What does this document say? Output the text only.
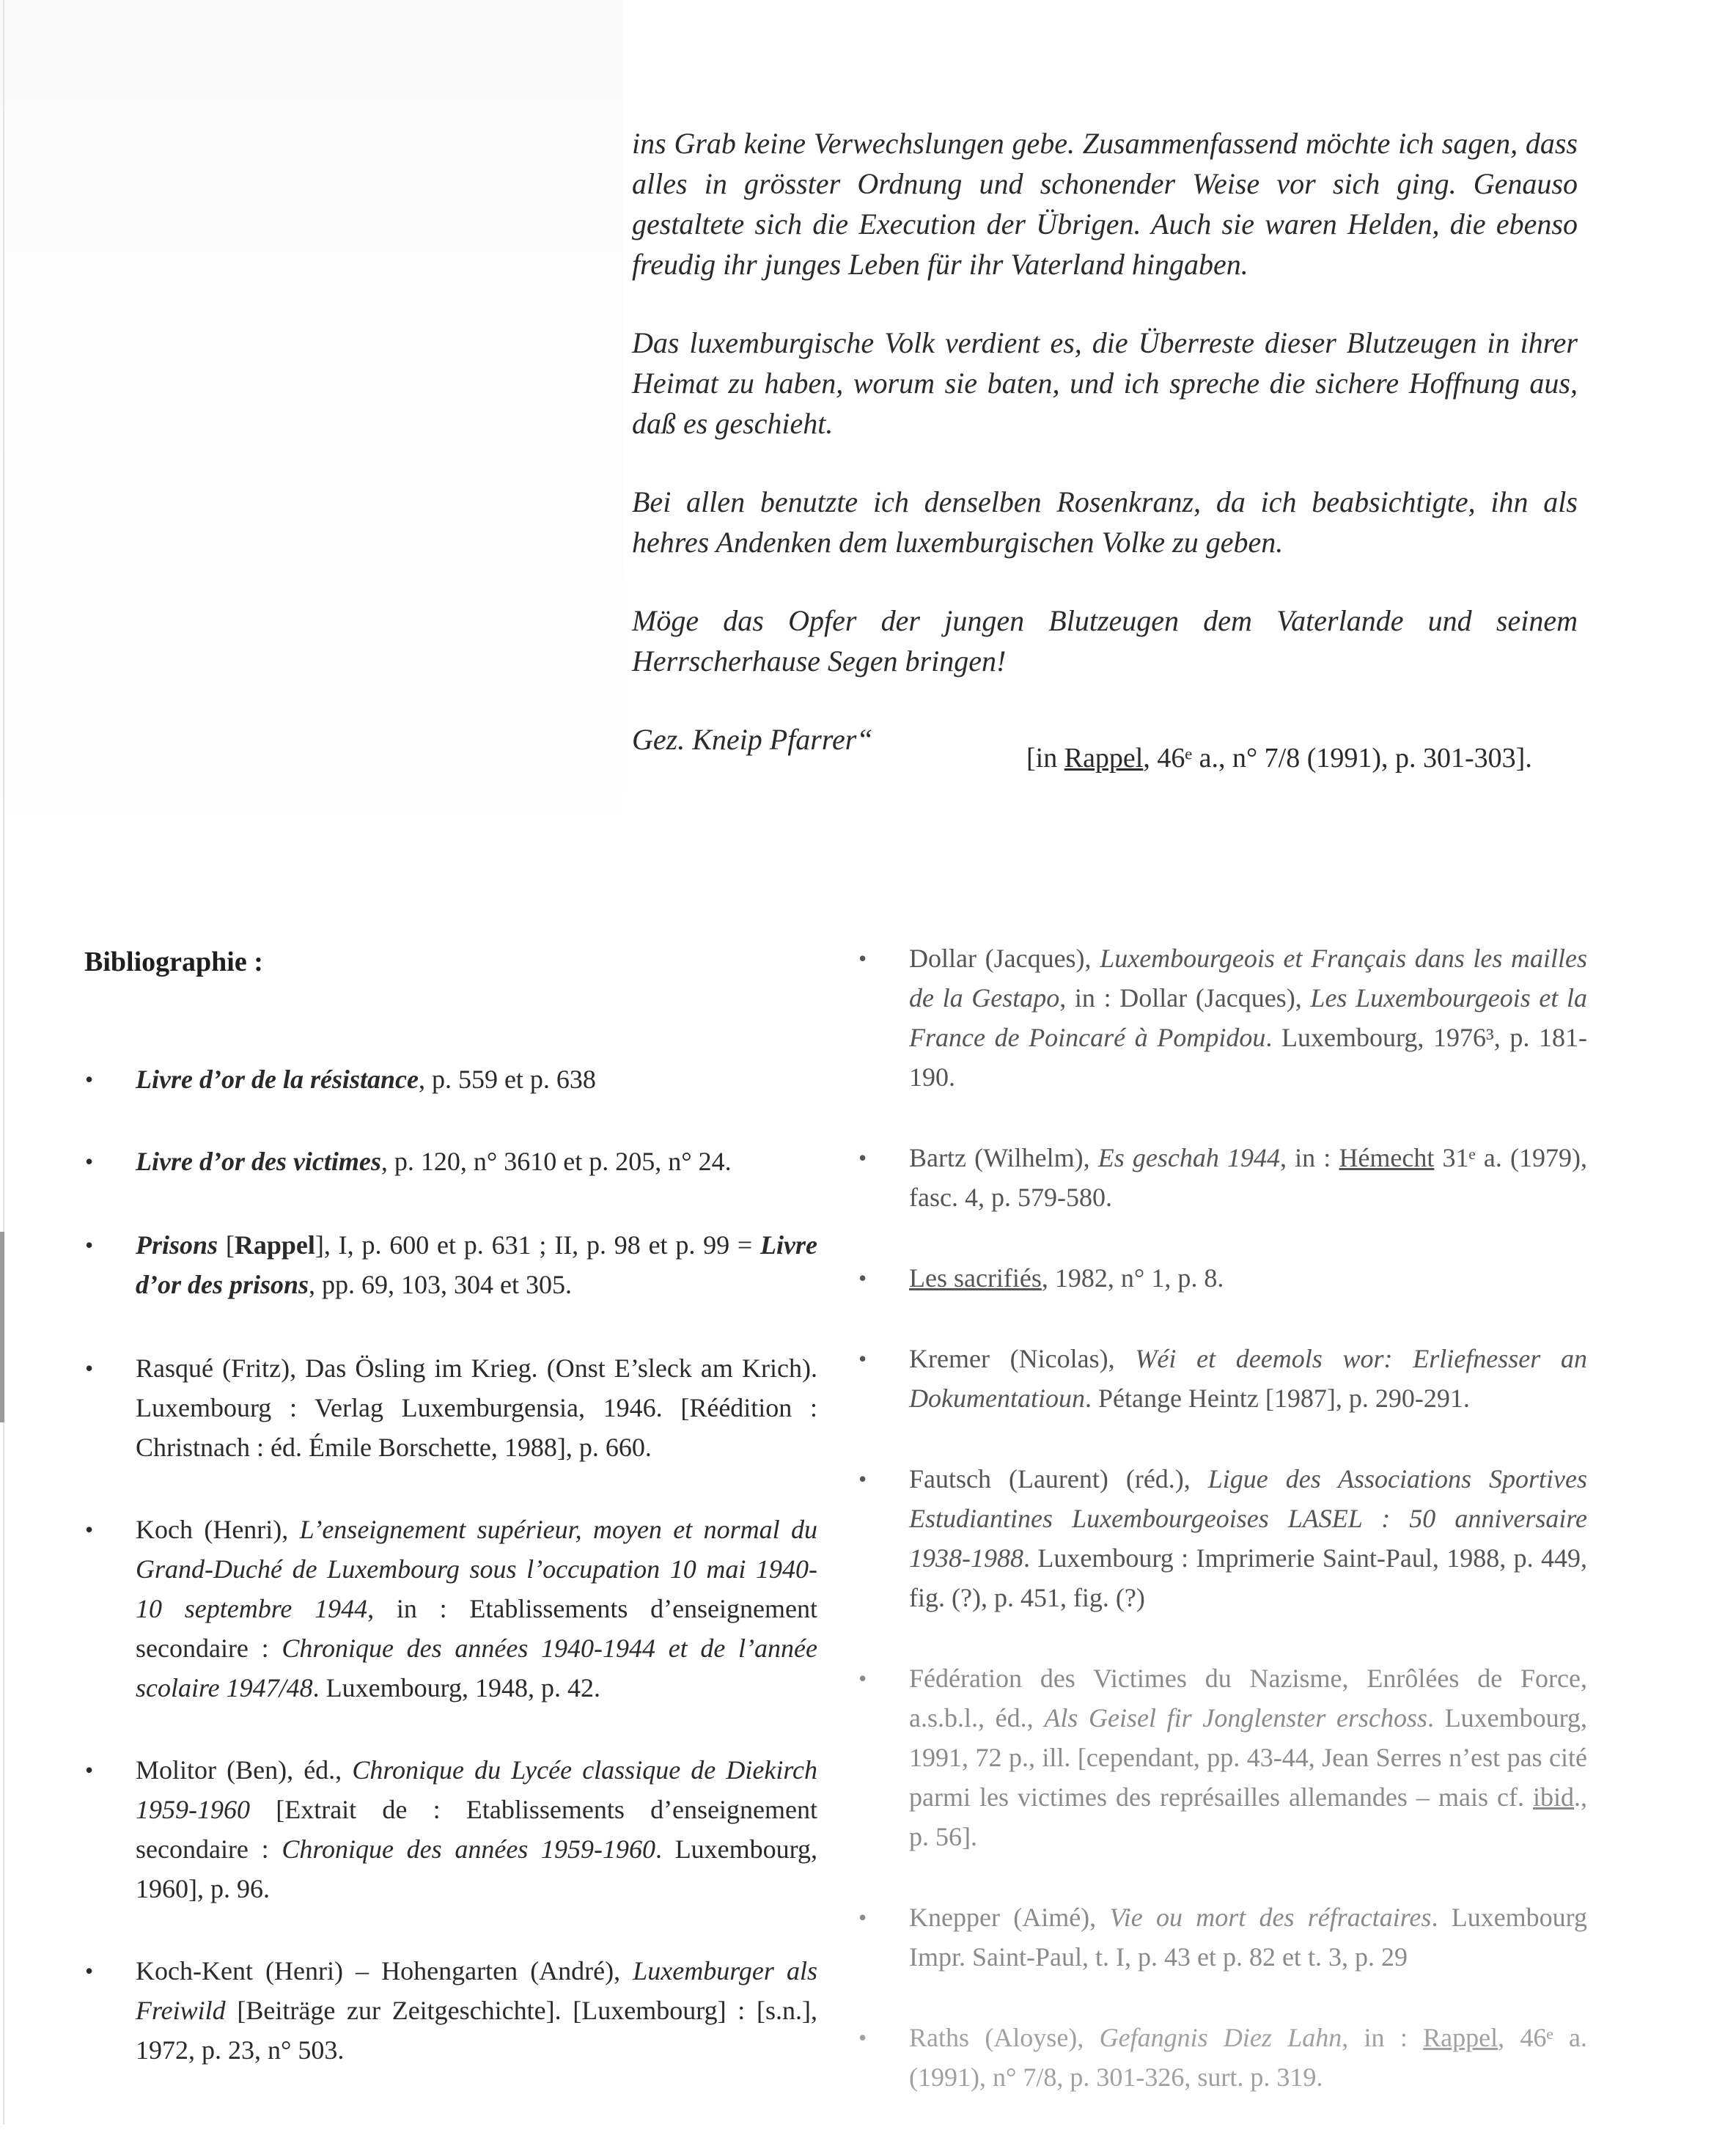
ins Grab keine Verwechslungen gebe. Zusammenfassend möchte ich sagen, dass alles in grösster Ordnung und schonender Weise vor sich ging. Genauso gestaltete sich die Execution der Übrigen. Auch sie waren Helden, die ebenso freudig ihr junges Leben für ihr Vaterland hingaben.

Das luxemburgische Volk verdient es, die Überreste dieser Blutzeugen in ihrer Heimat zu haben, worum sie baten, und ich spreche die sichere Hoffnung aus, daß es geschieht.

Bei allen benutzte ich denselben Rosenkranz, da ich beabsichtigte, ihn als hehres Andenken dem luxemburgischen Volke zu geben.

Möge das Opfer der jungen Blutzeugen dem Vaterlande und seinem Herrscherhause Segen bringen!

Gez. Kneip Pfarrer“

[in Rappel, 46ᵉ a., n° 7/8 (1991), p. 301-303].
Bibliographie :
• Livre d’or de la résistance, p. 559 et p. 638
• Livre d’or des victimes, p. 120, n° 3610 et p. 205, n° 24.
• Prisons [Rappel], I, p. 600 et p. 631 ; II, p. 98 et p. 99 = Livre d’or des prisons, pp. 69, 103, 304 et 305.
• Rasqué (Fritz), Das Ösling im Krieg. (Onst E’sleck am Krich). Luxembourg : Verlag Luxemburgensia, 1946. [Réédition : Christnach : éd. Émile Borschette, 1988], p. 660.
• Koch (Henri), L’enseignement supérieur, moyen et normal du Grand-Duché de Luxembourg sous l’occupation 10 mai 1940-10 septembre 1944, in : Etablissements d’enseignement secondaire : Chronique des années 1940-1944 et de l’année scolaire 1947/48. Luxembourg, 1948, p. 42.
• Molitor (Ben), éd., Chronique du Lycée classique de Diekirch 1959-1960 [Extrait de : Etablissements d’enseignement secondaire : Chronique des années 1959-1960. Luxembourg, 1960], p. 96.
• Koch-Kent (Henri) – Hohengarten (André), Luxemburger als Freiwild [Beiträge zur Zeitgeschichte]. [Luxembourg] : [s.n.], 1972, p. 23, n° 503.
• Dollar (Jacques), Luxembourgeois et Français dans les mailles de la Gestapo, in : Dollar (Jacques), Les Luxembourgeois et la France de Poincaré à Pompidou. Luxembourg, 1976³, p. 181-190.
• Bartz (Wilhelm), Es geschah 1944, in : Hémecht 31ᵉ a. (1979), fasc. 4, p. 579-580.
• Les sacrifiés, 1982, n° 1, p. 8.
• Kremer (Nicolas), Wéi et deemols wor: Erliefnesser an Dokumentatioun. Pétange Heintz [1987], p. 290-291.
• Fautsch (Laurent) (réd.), Ligue des Associations Sportives Estudiantines Luxembourgeoises LASEL : 50 anniversaire 1938-1988. Luxembourg : Imprimerie Saint-Paul, 1988, p. 449, fig. (?), p. 451, fig. (?)
• Fédération des Victimes du Nazisme, Enrôlées de Force, a.s.b.l., éd., Als Geisel fir Jonglenster erschoss. Luxembourg, 1991, 72 p., ill. [cependant, pp. 43-44, Jean Serres n’est pas cité parmi les victimes des représailles allemandes – mais cf. ibid., p. 56].
• Knepper (Aimé), Vie ou mort des réfractaires. Luxembourg Impr. Saint-Paul, t. I, p. 43 et p. 82 et t. 3, p. 29
• Raths (Aloyse), Gefangnis Diez Lahn, in : Rappel, 46ᵉ a. (1991), n° 7/8, p. 301-326, surt. p. 319.
